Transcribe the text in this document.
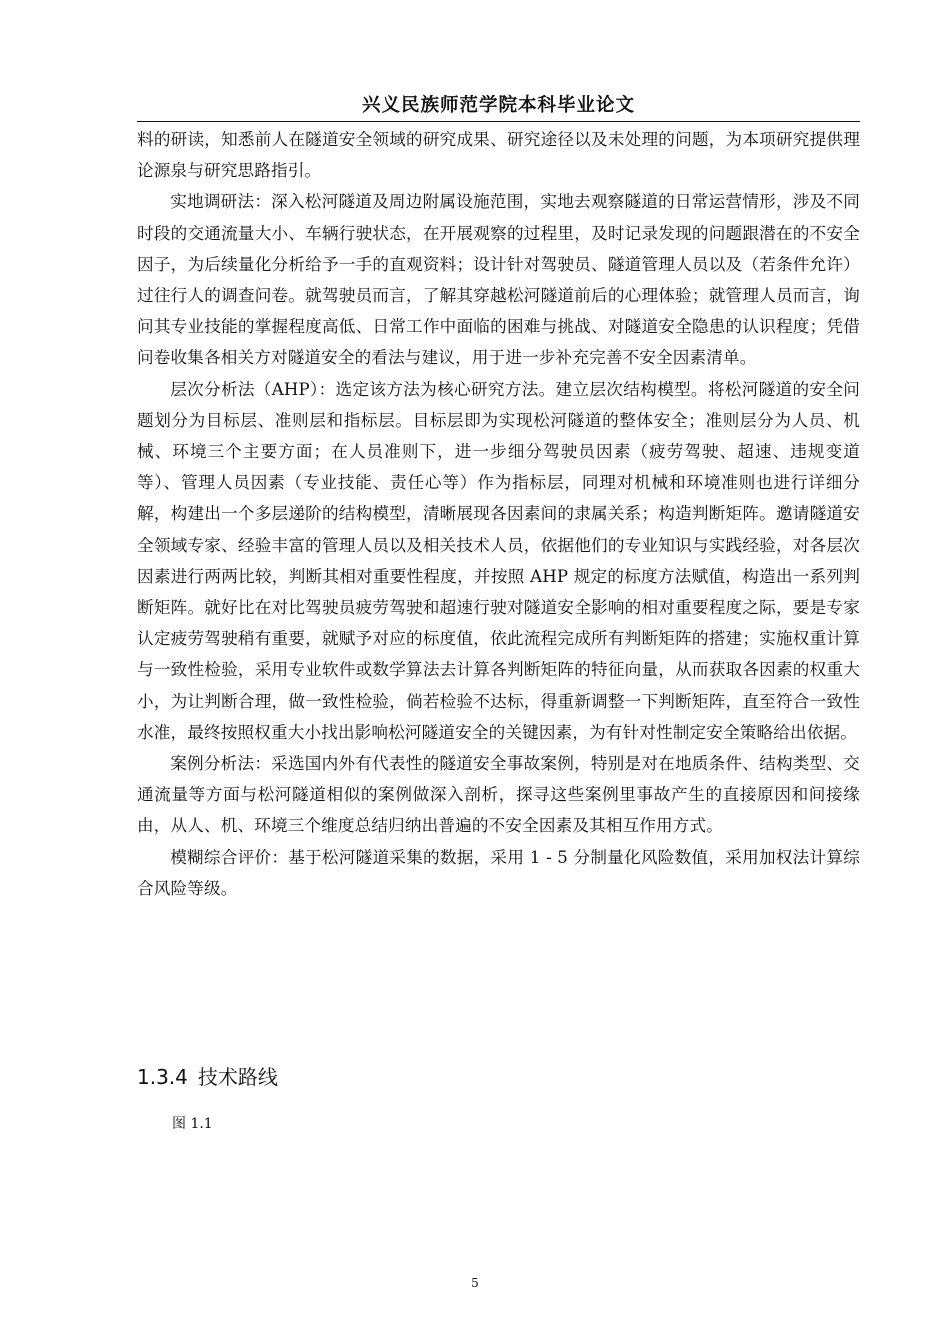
兴义民族师范学院本科毕业论文

料的研读，知悉前人在隧道安全领域的研究成果、研究途径以及未处理的问题，为本项研究提供理论源泉与研究思路指引。

实地调研法：深入松河隧道及周边附属设施范围，实地去观察隧道的日常运营情形，涉及不同时段的交通流量大小、车辆行驶状态，在开展观察的过程里，及时记录发现的问题跟潜在的不安全因子，为后续量化分析给予一手的直观资料；设计针对驾驶员、隧道管理人员以及（若条件允许）过往行人的调查问卷。就驾驶员而言，了解其穿越松河隧道前后的心理体验；就管理人员而言，询问其专业技能的掌握程度高低、日常工作中面临的困难与挑战、对隧道安全隐患的认识程度；凭借问卷收集各相关方对隧道安全的看法与建议，用于进一步补充完善不安全因素清单。

层次分析法（AHP）：选定该方法为核心研究方法。建立层次结构模型。将松河隧道的安全问题划分为目标层、准则层和指标层。目标层即为实现松河隧道的整体安全；准则层分为人员、机械、环境三个主要方面；在人员准则下，进一步细分驾驶员因素（疲劳驾驶、超速、违规变道等）、管理人员因素（专业技能、责任心等）作为指标层，同理对机械和环境准则也进行详细分解，构建出一个多层递阶的结构模型，清晰展现各因素间的隶属关系；构造判断矩阵。邀请隧道安全领域专家、经验丰富的管理人员以及相关技术人员，依据他们的专业知识与实践经验，对各层次因素进行两两比较，判断其相对重要性程度，并按照 AHP 规定的标度方法赋值，构造出一系列判断矩阵。就好比在对比驾驶员疲劳驾驶和超速行驶对隧道安全影响的相对重要程度之际，要是专家认定疲劳驾驶稍有重要，就赋予对应的标度值，依此流程完成所有判断矩阵的搭建；实施权重计算与一致性检验，采用专业软件或数学算法去计算各判断矩阵的特征向量，从而获取各因素的权重大小，为让判断合理，做一致性检验，倘若检验不达标，得重新调整一下判断矩阵，直至符合一致性水准，最终按照权重大小找出影响松河隧道安全的关键因素，为有针对性制定安全策略给出依据。

案例分析法：采选国内外有代表性的隧道安全事故案例，特别是对在地质条件、结构类型、交通流量等方面与松河隧道相似的案例做深入剖析，探寻这些案例里事故产生的直接原因和间接缘由，从人、机、环境三个维度总结归纳出普遍的不安全因素及其相互作用方式。

模糊综合评价：基于松河隧道采集的数据，采用 1 - 5 分制量化风险数值，采用加权法计算综合风险等级。

1.3.4 技术路线
图 1.1
5
